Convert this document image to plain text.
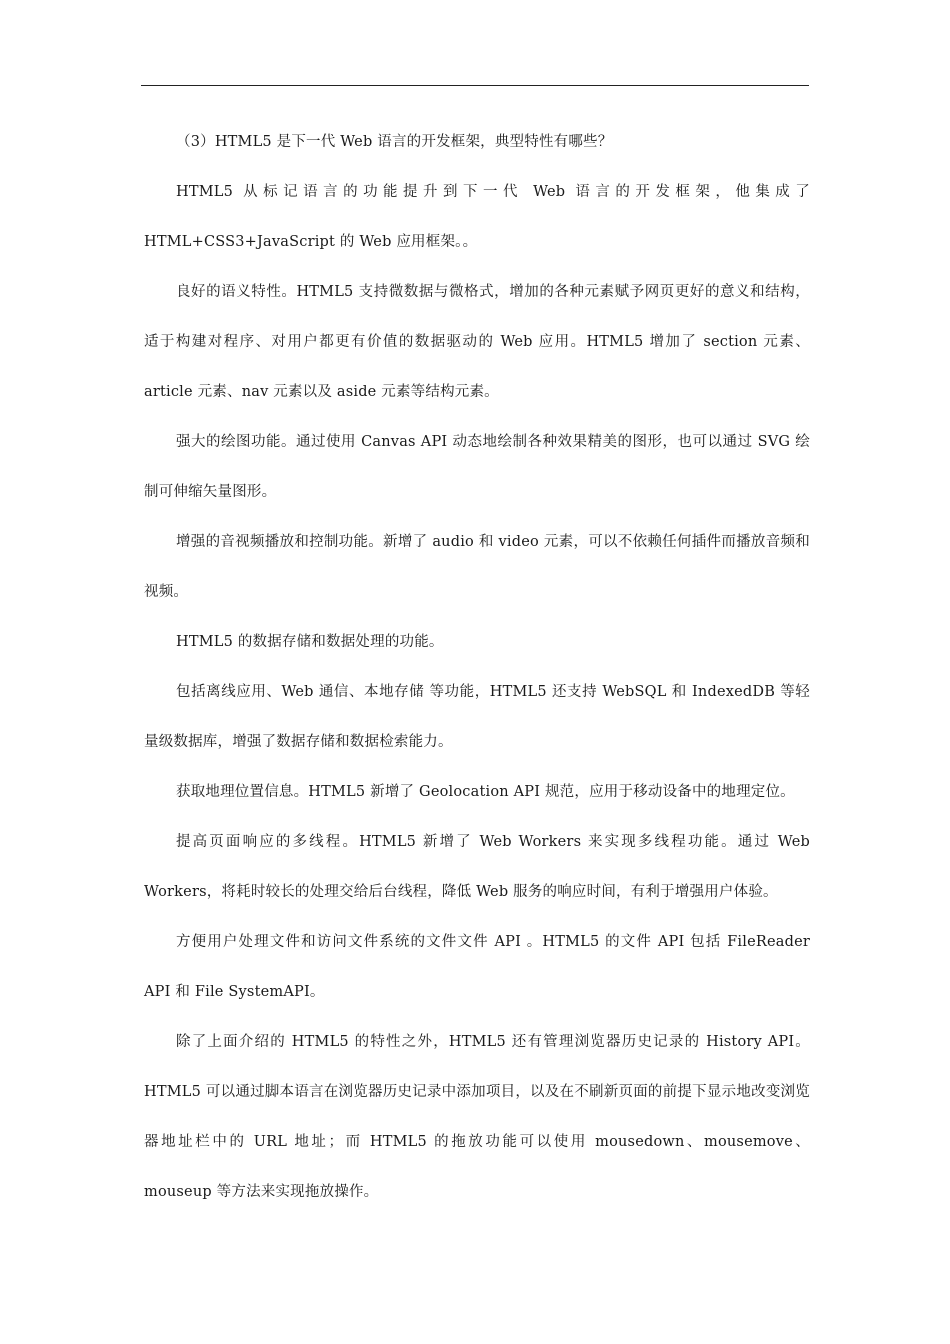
（3）HTML5 是下一代 Web 语言的开发框架，典型特性有哪些？

HTML5 从标记语言的功能提升到下一代 Web 语言的开发框架，他集成了 HTML+CSS3+JavaScript 的 Web 应用框架。。

良好的语义特性。HTML5 支持微数据与微格式，增加的各种元素赋予网页更好的意义和结构，适于构建对程序、对用户都更有价值的数据驱动的 Web 应用。HTML5 增加了 section 元素、article 元素、nav 元素以及 aside 元素等结构元素。

强大的绘图功能。通过使用 Canvas API 动态地绘制各种效果精美的图形，也可以通过 SVG 绘制可伸缩矢量图形。

增强的音视频播放和控制功能。新增了 audio 和 video 元素，可以不依赖任何插件而播放音频和视频。

HTML5 的数据存储和数据处理的功能。

包括离线应用、Web 通信、本地存储 等功能，HTML5 还支持 WebSQL 和 IndexedDB 等轻量级数据库，增强了数据存储和数据检索能力。

获取地理位置信息。HTML5 新增了 Geolocation API 规范，应用于移动设备中的地理定位。

提高页面响应的多线程。HTML5 新增了 Web Workers 来实现多线程功能。通过 Web Workers，将耗时较长的处理交给后台线程，降低 Web 服务的响应时间，有利于增强用户体验。

方便用户处理文件和访问文件系统的文件文件 API 。HTML5 的文件 API 包括 FileReader API 和 File SystemAPI。

除了上面介绍的 HTML5 的特性之外，HTML5 还有管理浏览器历史记录的 History API。HTML5 可以通过脚本语言在浏览器历史记录中添加项目，以及在不刷新页面的前提下显示地改变浏览器地址栏中的 URL 地址；而 HTML5 的拖放功能可以使用 mousedown、mousemove、mouseup 等方法来实现拖放操作。
